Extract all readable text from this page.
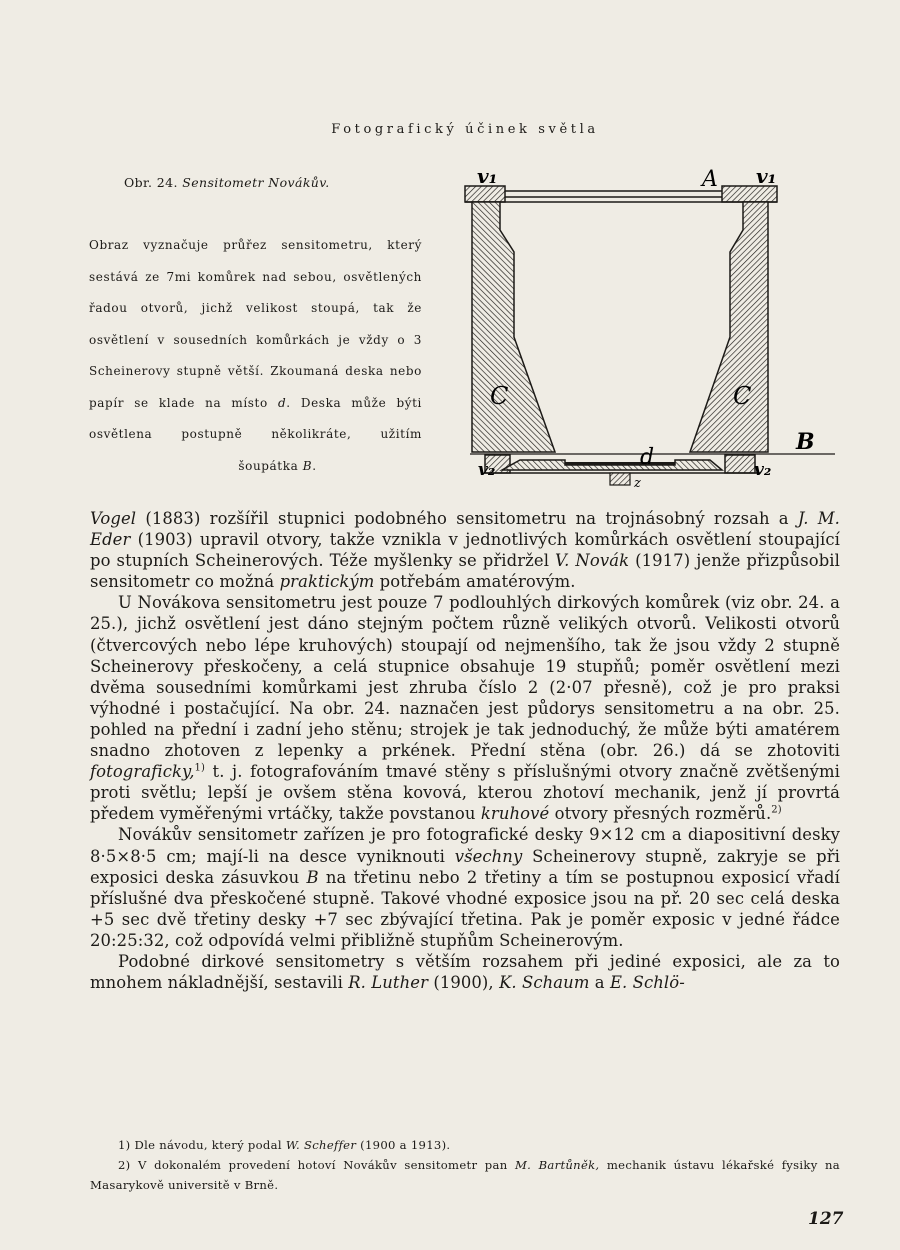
Fotografický účinek světla
Obr. 24. Sensitometr Novákův.
Obraz vyznačuje průřez sensitometru, který sestává ze 7mi komůrek nad sebou, osvětlených řadou otvorů, jichž velikost stoupá, tak že osvětlení v sousedních komůrkách je vždy o 3 Scheinerovy stupně větší. Zkoumaná deska nebo papír se klade na místo d. Deska může býti osvětlena postupně několikráte, užitím
šoupátka B.
v₁	A v₁
C	C
B
d
v₂	v₂
z

Vogel (1883) rozšířil stupnici podobného sensitometru na trojnásobný rozsah a J. M. Eder (1903) upravil otvory, takže vznikla v jednotlivých komůrkách osvětlení stoupající po stupních Scheinerových. Téže myšlenky se přidržel V. Novák (1917) jenže přizpůsobil sensitometr co možná praktickým potřebám amatérovým.

U Novákova sensitometru jest pouze 7 podlouhlých dirkových komůrek (viz obr. 24. a 25.), jichž osvětlení jest dáno stejným počtem různě velikých otvorů. Velikosti otvorů (čtvercových nebo lépe kruhových) stoupají od nejmenšího, tak že jsou vždy 2 stupně Scheinerovy přeskočeny, a celá stupnice obsahuje 19 stupňů; poměr osvětlení mezi dvěma sousedními komůrkami jest zhruba číslo 2 (2·07 přesně), což je pro praksi výhodné i postačující. Na obr. 24. naznačen jest půdorys sensitometru a na obr. 25. pohled na přední i zadní jeho stěnu; strojek je tak jednoduchý, že může býti amatérem snadno zhotoven z lepenky a prkének. Přední stěna (obr. 26.) dá se zhotoviti fotograficky,$^{1)}$ t. j. fotografováním tmavé stěny s příslušnými otvory značně zvětšenými proti světlu; lepší je ovšem stěna kovová, kterou zhotoví mechanik, jenž jí provrtá předem vyměřenými vrtáčky, takže povstanou kruhové otvory přesných rozměrů.$^{2)}$

Novákův sensitometr zařízen je pro fotografické desky 9×12 cm a diapositivní desky 8·5×8·5 cm; mají-li na desce vyniknouti všechny Scheinerovy stupně, zakryje se při exposici deska zásuvkou B na třetinu nebo 2 třetiny a tím se postupnou exposicí vřadí příslušné dva přeskočené stupně. Takové vhodné exposice jsou na př. 20 sec celá deska +5 sec dvě třetiny desky +7 sec zbývající třetina. Pak je poměr exposic v jedné řádce 20:25:32, což odpovídá velmi přibližně stupňům Scheinerovým.

Podobné dirkové sensitometry s větším rozsahem při jediné exposici, ale za to mnohem nákladnější, sestavili R. Luther (1900), K. Schaum a E. Schlö-

1) Dle návodu, který podal W. Scheffer (1900 a 1913).

2) V dokonalém provedení hotoví Novákův sensitometr pan M. Bartůněk, mechanik ústavu lékařské fysiky na Masarykově universitě v Brně.

127
